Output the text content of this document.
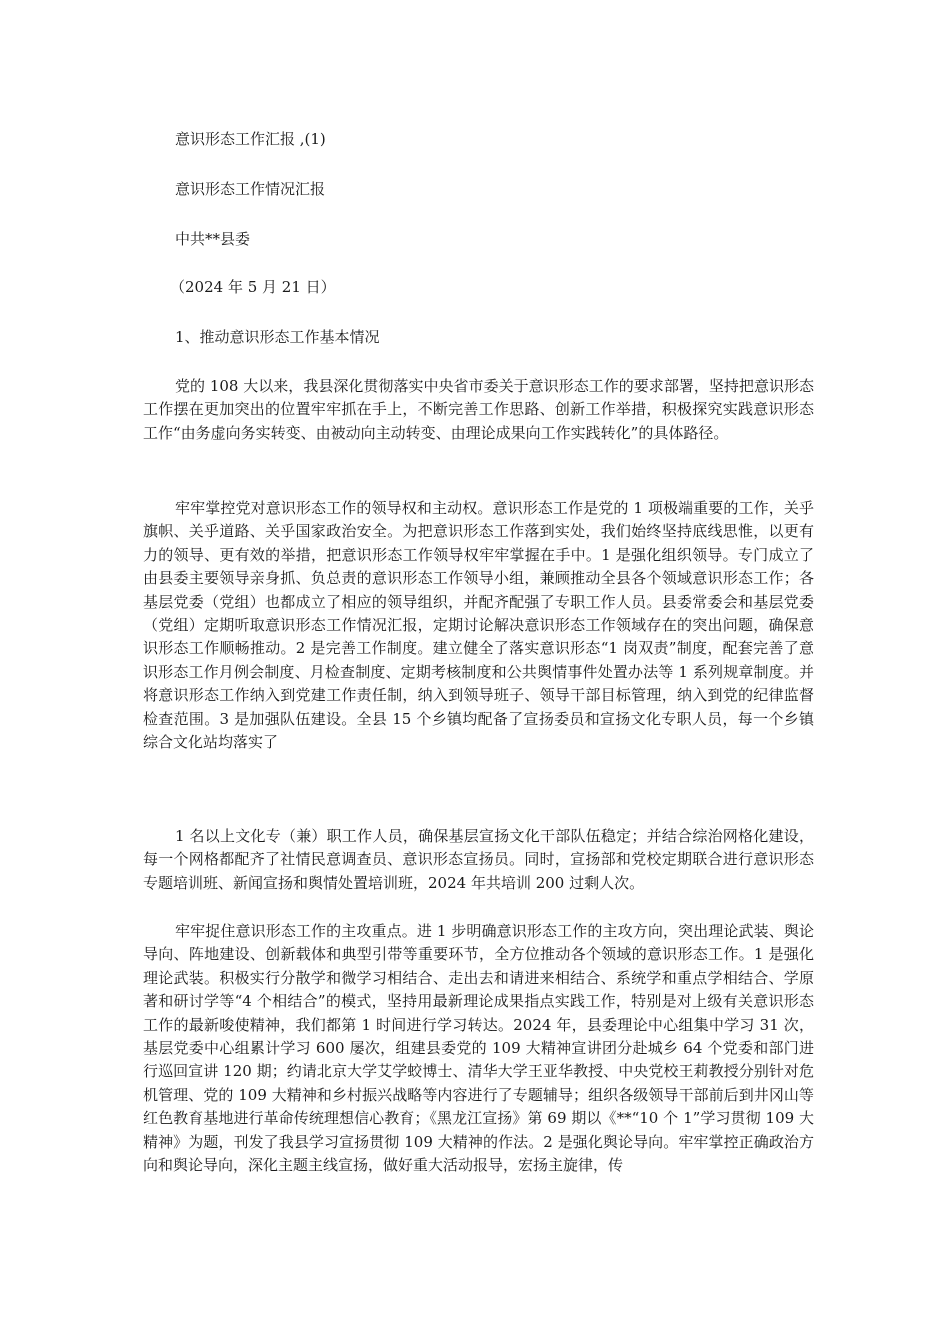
意识形态工作汇报 ,(1)
意识形态工作情况汇报
中共**县委
（2024 年 5 月 21 日）
1、推动意识形态工作基本情况
党的 108 大以来，我县深化贯彻落实中央省市委关于意识形态工作的要求部署，坚持把意识形态工作摆在更加突出的位置牢牢抓在手上，不断完善工作思路、创新工作举措，积极探究实践意识形态工作“由务虚向务实转变、由被动向主动转变、由理论成果向工作实践转化”的具体路径。
牢牢掌控党对意识形态工作的领导权和主动权。意识形态工作是党的 1 项极端重要的工作，关乎旗帜、关乎道路、关乎国家政治安全。为把意识形态工作落到实处，我们始终坚持底线思惟，以更有力的领导、更有效的举措，把意识形态工作领导权牢牢掌握在手中。1 是强化组织领导。专门成立了由县委主要领导亲身抓、负总责的意识形态工作领导小组，兼顾推动全县各个领域意识形态工作；各基层党委（党组）也都成立了相应的领导组织，并配齐配强了专职工作人员。县委常委会和基层党委（党组）定期听取意识形态工作情况汇报，定期讨论解决意识形态工作领域存在的突出问题，确保意识形态工作顺畅推动。2 是完善工作制度。建立健全了落实意识形态“1 岗双责”制度，配套完善了意识形态工作月例会制度、月检查制度、定期考核制度和公共舆情事件处置办法等 1 系列规章制度。并将意识形态工作纳入到党建工作责任制，纳入到领导班子、领导干部目标管理，纳入到党的纪律监督检查范围。3 是加强队伍建设。全县 15 个乡镇均配备了宣扬委员和宣扬文化专职人员，每一个乡镇综合文化站均落实了
1 名以上文化专（兼）职工作人员，确保基层宣扬文化干部队伍稳定；并结合综治网格化建设，每一个网格都配齐了社情民意调查员、意识形态宣扬员。同时，宣扬部和党校定期联合进行意识形态专题培训班、新闻宣扬和舆情处置培训班，2024 年共培训 200 过剩人次。
牢牢捉住意识形态工作的主攻重点。进 1 步明确意识形态工作的主攻方向，突出理论武装、舆论导向、阵地建设、创新载体和典型引带等重要环节，全方位推动各个领域的意识形态工作。1 是强化理论武装。积极实行分散学和微学习相结合、走出去和请进来相结合、系统学和重点学相结合、学原著和研讨学等“4 个相结合”的模式，坚持用最新理论成果指点实践工作，特别是对上级有关意识形态工作的最新唆使精神，我们都第 1 时间进行学习转达。2024 年，县委理论中心组集中学习 31 次，基层党委中心组累计学习 600 屡次，组建县委党的 109 大精神宣讲团分赴城乡 64 个党委和部门进行巡回宣讲 120 期；约请北京大学艾学蛟博士、清华大学王亚华教授、中央党校王莉教授分别针对危机管理、党的 109 大精神和乡村振兴战略等内容进行了专题辅导；组织各级领导干部前后到井冈山等红色教育基地进行革命传统理想信心教育；《黑龙江宣扬》第 69 期以《**“10 个 1”学习贯彻 109 大精神》为题，刊发了我县学习宣扬贯彻 109 大精神的作法。2 是强化舆论导向。牢牢掌控正确政治方向和舆论导向，深化主题主线宣扬，做好重大活动报导，宏扬主旋律，传
